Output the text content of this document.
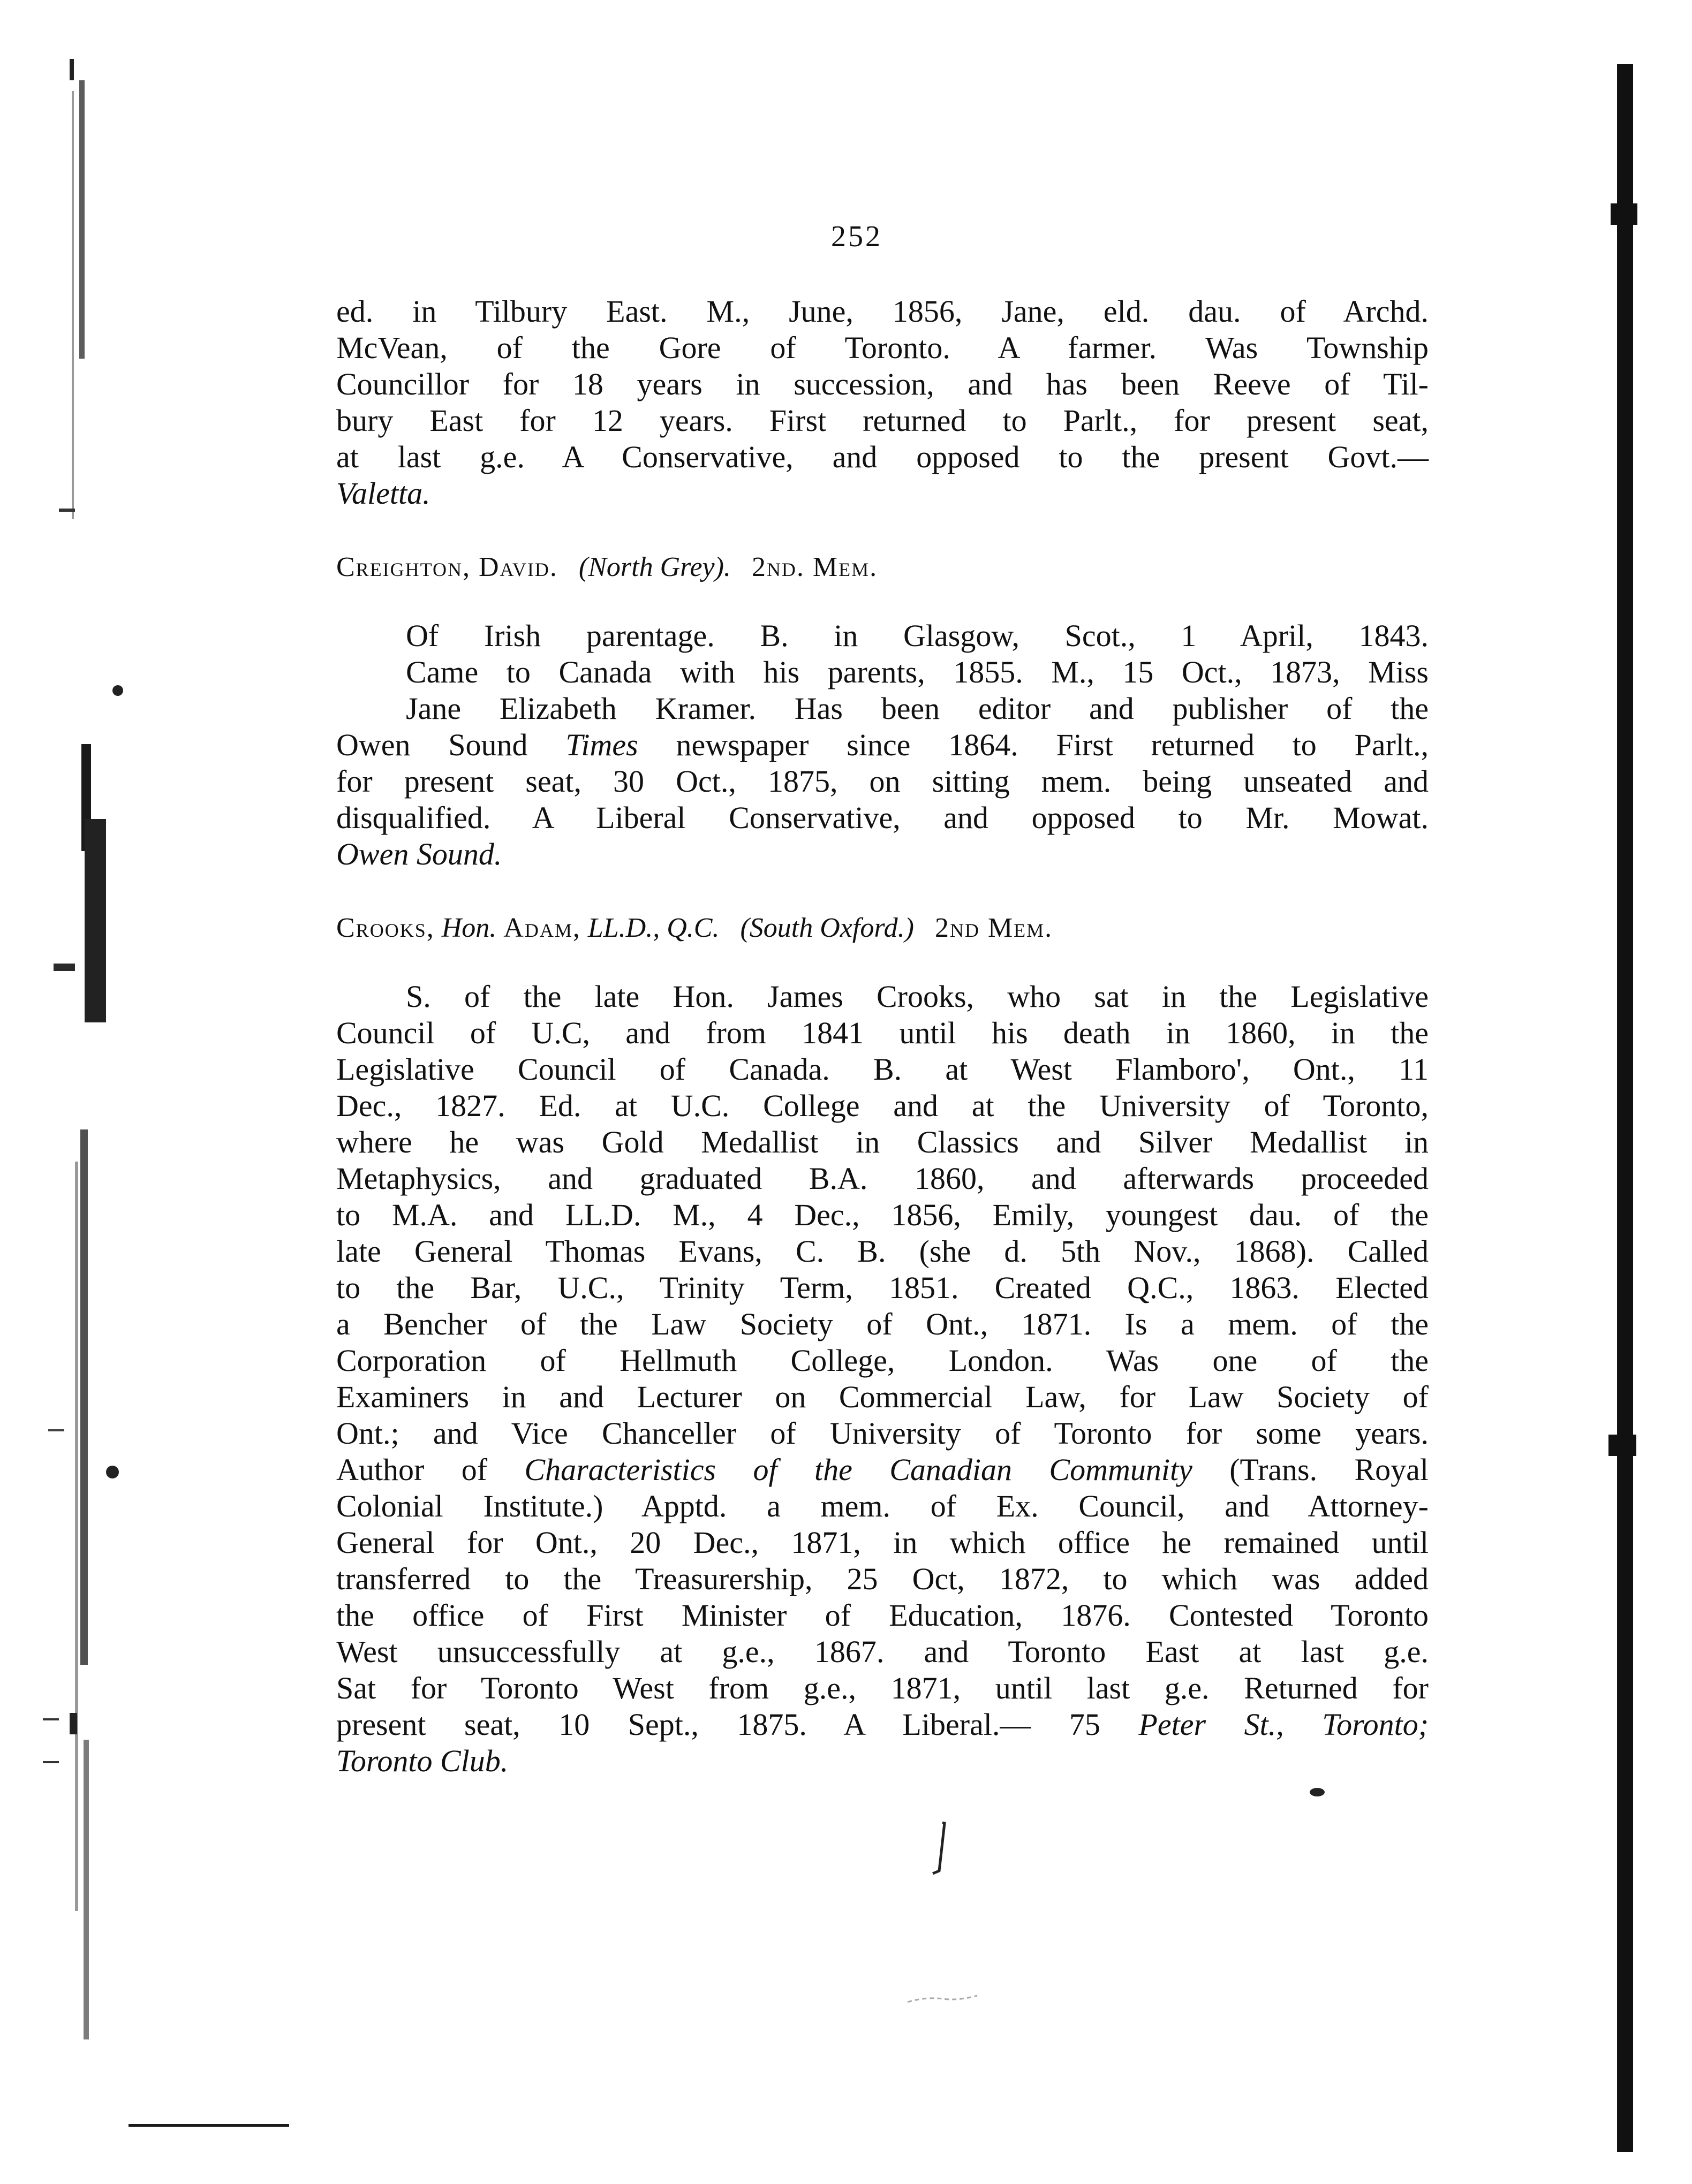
252
ed. in Tilbury East. M., June, 1856, Jane, eld. dau. of Archd.
McVean, of the Gore of Toronto. A farmer. Was Township
Councillor for 18 years in succession, and has been Reeve of Til-
bury East for 12 years. First returned to Parlt., for present seat,
at last g.e. A Conservative, and opposed to the present Govt.—
Valetta.
Creighton, David. (North Grey). 2nd. Mem.
Of Irish parentage. B. in Glasgow, Scot., 1 April, 1843.
Came to Canada with his parents, 1855. M., 15 Oct., 1873, Miss
Jane Elizabeth Kramer. Has been editor and publisher of the
Owen Sound Times newspaper since 1864. First returned to Parlt.,
for present seat, 30 Oct., 1875, on sitting mem. being unseated and
disqualified. A Liberal Conservative, and opposed to Mr. Mowat.
Owen Sound.
Crooks, Hon. Adam, LL.D., Q.C. (South Oxford.) 2nd Mem.
S. of the late Hon. James Crooks, who sat in the Legislative
Council of U.C, and from 1841 until his death in 1860, in the
Legislative Council of Canada. B. at West Flamboro', Ont., 11
Dec., 1827. Ed. at U.C. College and at the University of Toronto,
where he was Gold Medallist in Classics and Silver Medallist in
Metaphysics, and graduated B.A. 1860, and afterwards proceeded
to M.A. and LL.D. M., 4 Dec., 1856, Emily, youngest dau. of the
late General Thomas Evans, C. B. (she d. 5th Nov., 1868). Called
to the Bar, U.C., Trinity Term, 1851. Created Q.C., 1863. Elected
a Bencher of the Law Society of Ont., 1871. Is a mem. of the
Corporation of Hellmuth College, London. Was one of the
Examiners in and Lecturer on Commercial Law, for Law Society of
Ont.; and Vice Chanceller of University of Toronto for some years.
Author of Characteristics of the Canadian Community (Trans. Royal
Colonial Institute.) Apptd. a mem. of Ex. Council, and Attorney-
General for Ont., 20 Dec., 1871, in which office he remained until
transferred to the Treasurership, 25 Oct, 1872, to which was added
the office of First Minister of Education, 1876. Contested Toronto
West unsuccessfully at g.e., 1867. and Toronto East at last g.e.
Sat for Toronto West from g.e., 1871, until last g.e. Returned for
present seat, 10 Sept., 1875. A Liberal.— 75 Peter St., Toronto;
Toronto Club.
